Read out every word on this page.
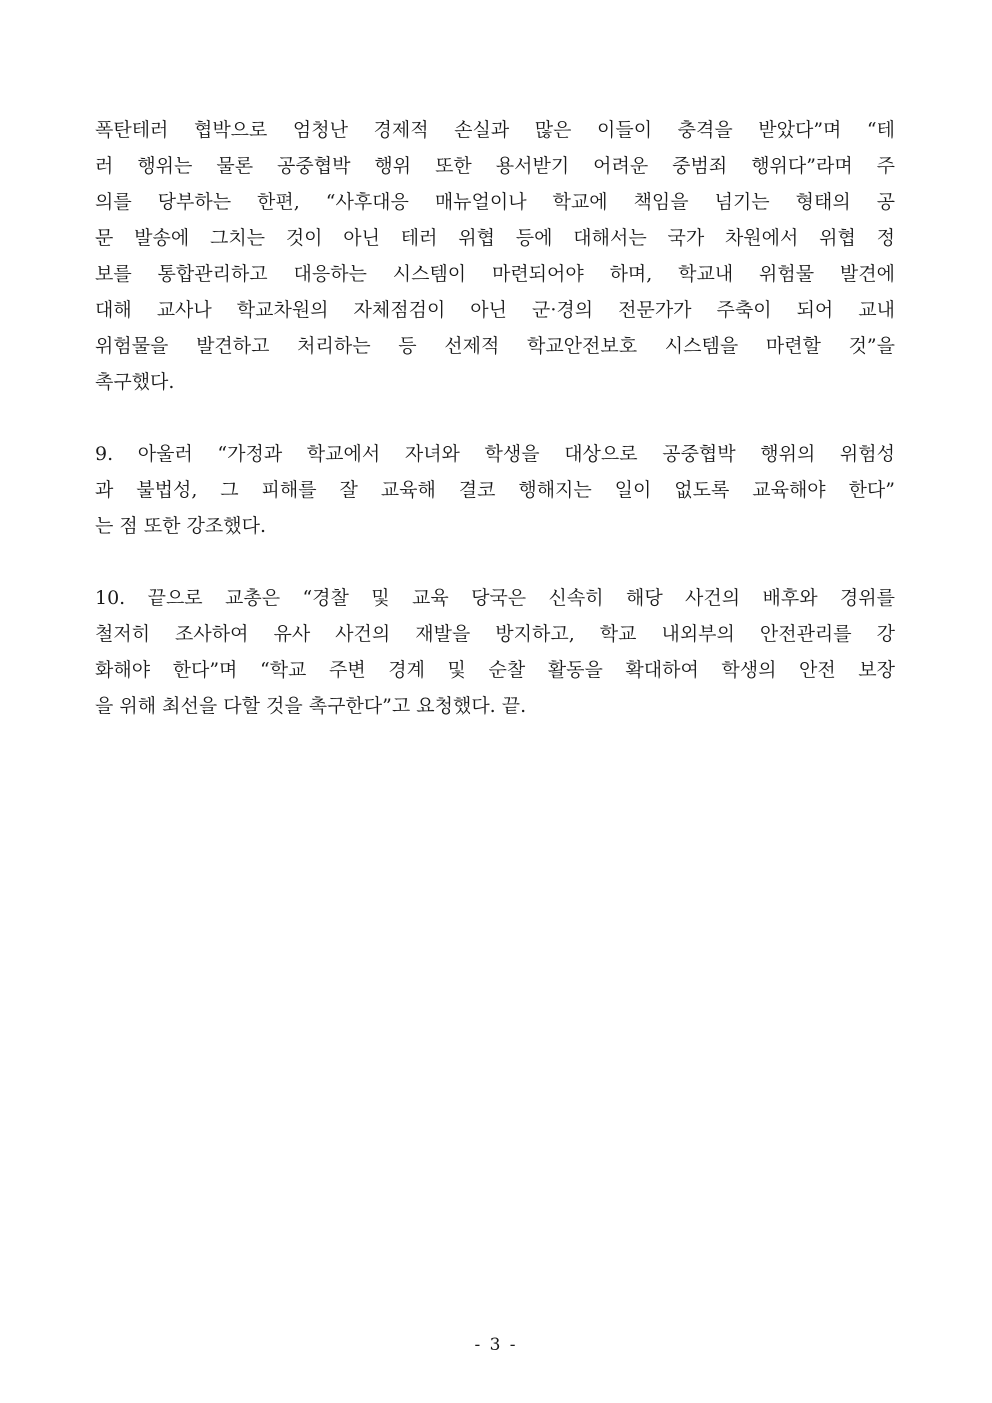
폭탄테러 협박으로 엄청난 경제적 손실과 많은 이들이 충격을 받았다”며 “테
러 행위는 물론 공중협박 행위 또한 용서받기 어려운 중범죄 행위다”라며 주
의를 당부하는 한편, “사후대응 매뉴얼이나 학교에 책임을 넘기는 형태의 공
문 발송에 그치는 것이 아닌 테러 위협 등에 대해서는 국가 차원에서 위협 정
보를 통합관리하고 대응하는 시스템이 마련되어야 하며, 학교내 위험물 발견에
대해 교사나 학교차원의 자체점검이 아닌 군·경의 전문가가 주축이 되어 교내
위험물을 발견하고 처리하는 등 선제적 학교안전보호 시스템을 마련할 것”을
촉구했다.
9. 아울러 “가정과 학교에서 자녀와 학생을 대상으로 공중협박 행위의 위험성
과 불법성, 그 피해를 잘 교육해 결코 행해지는 일이 없도록 교육해야 한다”
는 점 또한 강조했다.
10. 끝으로 교총은 “경찰 및 교육 당국은 신속히 해당 사건의 배후와 경위를
철저히 조사하여 유사 사건의 재발을 방지하고, 학교 내외부의 안전관리를 강
화해야 한다”며 “학교 주변 경계 및 순찰 활동을 확대하여 학생의 안전 보장
을 위해 최선을 다할 것을 촉구한다”고 요청했다. 끝.
- 3 -
